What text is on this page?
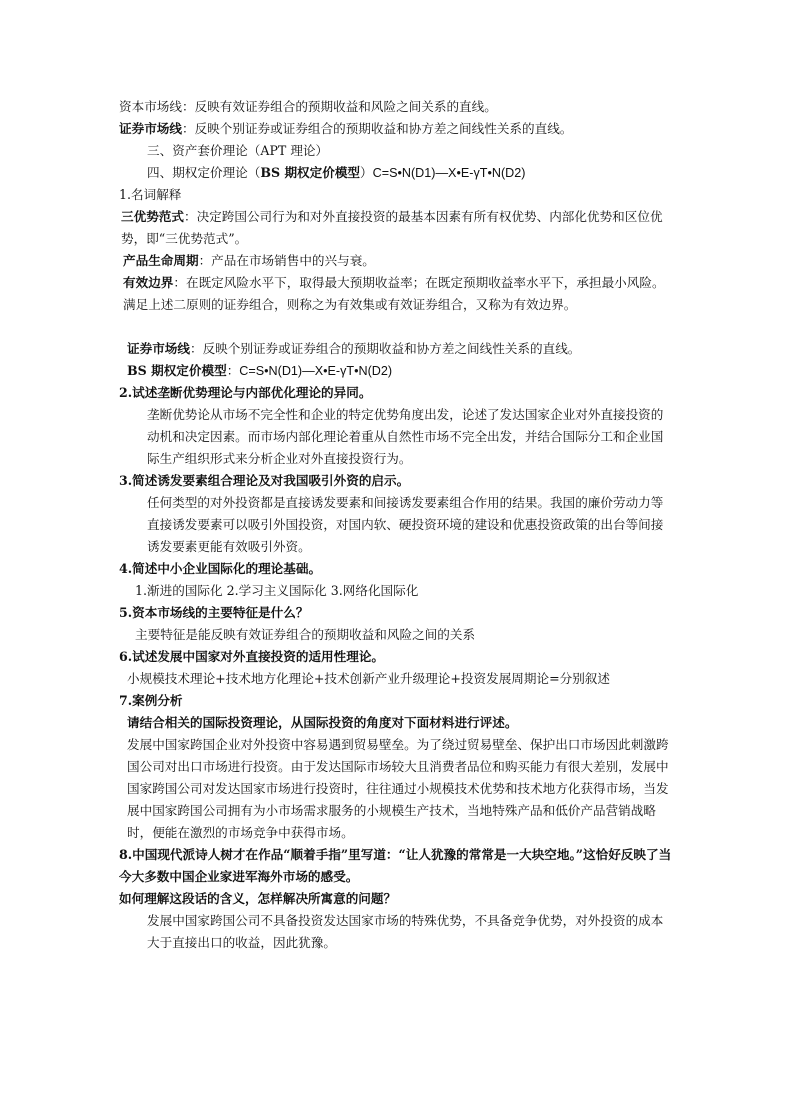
资本市场线：反映有效证券组合的预期收益和风险之间关系的直线。
证券市场线：反映个别证券或证券组合的预期收益和协方差之间线性关系的直线。
三、资产套价理论（APT 理论）
四、期权定价理论（BS 期权定价模型）C=S•N(D1)—X•E-γT•N(D2)
1.名词解释
三优势范式：决定跨国公司行为和对外直接投资的最基本因素有所有权优势、内部化优势和区位优势，即“三优势范式”。
产品生命周期：产品在市场销售中的兴与衰。
有效边界：在既定风险水平下，取得最大预期收益率；在既定预期收益率水平下，承担最小风险。满足上述二原则的证券组合，则称之为有效集或有效证券组合，又称为有效边界。
证券市场线：反映个别证券或证券组合的预期收益和协方差之间线性关系的直线。
BS 期权定价模型：C=S•N(D1)—X•E-γT•N(D2)
2.试述垄断优势理论与内部优化理论的异同。
垄断优势论从市场不完全性和企业的特定优势角度出发，论述了发达国家企业对外直接投资的动机和决定因素。而市场内部化理论着重从自然性市场不完全出发，并结合国际分工和企业国际生产组织形式来分析企业对外直接投资行为。
3.简述诱发要素组合理论及对我国吸引外资的启示。
任何类型的对外投资都是直接诱发要素和间接诱发要素组合作用的结果。我国的廉价劳动力等直接诱发要素可以吸引外国投资，对国内软、硬投资环境的建设和优惠投资政策的出台等间接诱发要素更能有效吸引外资。
4.简述中小企业国际化的理论基础。
1.渐进的国际化 2.学习主义国际化 3.网络化国际化
5.资本市场线的主要特征是什么？
主要特征是能反映有效证券组合的预期收益和风险之间的关系
6.试述发展中国家对外直接投资的适用性理论。
小规模技术理论+技术地方化理论+技术创新产业升级理论+投资发展周期论=分别叙述
7.案例分析
请结合相关的国际投资理论，从国际投资的角度对下面材料进行评述。
发展中国家跨国企业对外投资中容易遇到贸易壁垒。为了绕过贸易壁垒、保护出口市场因此刺激跨国公司对出口市场进行投资。由于发达国际市场较大且消费者品位和购买能力有很大差别，发展中国家跨国公司对发达国家市场进行投资时，往往通过小规模技术优势和技术地方化获得市场，当发展中国家跨国公司拥有为小市场需求服务的小规模生产技术，当地特殊产品和低价产品营销战略时，便能在激烈的市场竞争中获得市场。
8.中国现代派诗人树才在作品“顺着手指”里写道：“让人犹豫的常常是一大块空地。”这恰好反映了当今大多数中国企业家进军海外市场的感受。
如何理解这段话的含义，怎样解决所寓意的问题？
发展中国家跨国公司不具备投资发达国家市场的特殊优势，不具备竞争优势，对外投资的成本大于直接出口的收益，因此犹豫。
